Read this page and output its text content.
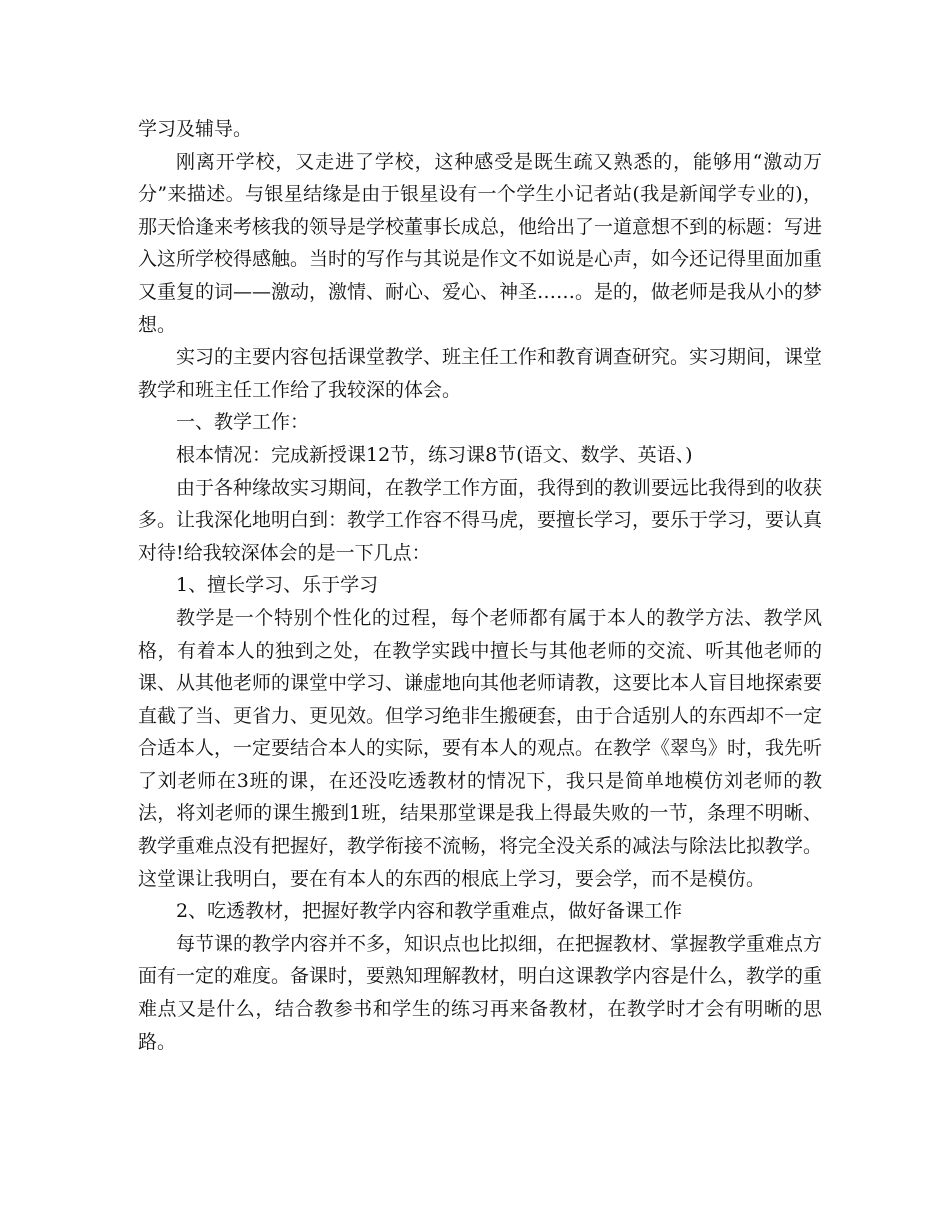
学习及辅导。

刚离开学校，又走进了学校，这种感受是既生疏又熟悉的，能够用“激动万分”来描述。与银星结缘是由于银星设有一个学生小记者站(我是新闻学专业的)，那天恰逢来考核我的领导是学校董事长成总，他给出了一道意想不到的标题：写进入这所学校得感触。当时的写作与其说是作文不如说是心声，如今还记得里面加重又重复的词——激动，激情、耐心、爱心、神圣……。是的，做老师是我从小的梦想。

实习的主要内容包括课堂教学、班主任工作和教育调查研究。实习期间，课堂教学和班主任工作给了我较深的体会。

一、教学工作：

根本情况：完成新授课12节，练习课8节(语文、数学、英语、)

由于各种缘故实习期间，在教学工作方面，我得到的教训要远比我得到的收获多。让我深化地明白到：教学工作容不得马虎，要擅长学习，要乐于学习，要认真对待!给我较深体会的是一下几点：

1、擅长学习、乐于学习

教学是一个特别个性化的过程，每个老师都有属于本人的教学方法、教学风格，有着本人的独到之处，在教学实践中擅长与其他老师的交流、听其他老师的课、从其他老师的课堂中学习、谦虚地向其他老师请教，这要比本人盲目地探索要直截了当、更省力、更见效。但学习绝非生搬硬套，由于合适别人的东西却不一定合适本人，一定要结合本人的实际，要有本人的观点。在教学《翠鸟》时，我先听了刘老师在3班的课，在还没吃透教材的情况下，我只是简单地模仿刘老师的教法，将刘老师的课生搬到1班，结果那堂课是我上得最失败的一节，条理不明晰、教学重难点没有把握好，教学衔接不流畅，将完全没关系的减法与除法比拟教学。这堂课让我明白，要在有本人的东西的根底上学习，要会学，而不是模仿。

2、吃透教材，把握好教学内容和教学重难点，做好备课工作

每节课的教学内容并不多，知识点也比拟细，在把握教材、掌握教学重难点方面有一定的难度。备课时，要熟知理解教材，明白这课教学内容是什么，教学的重难点又是什么，结合教参书和学生的练习再来备教材，在教学时才会有明晰的思路。
